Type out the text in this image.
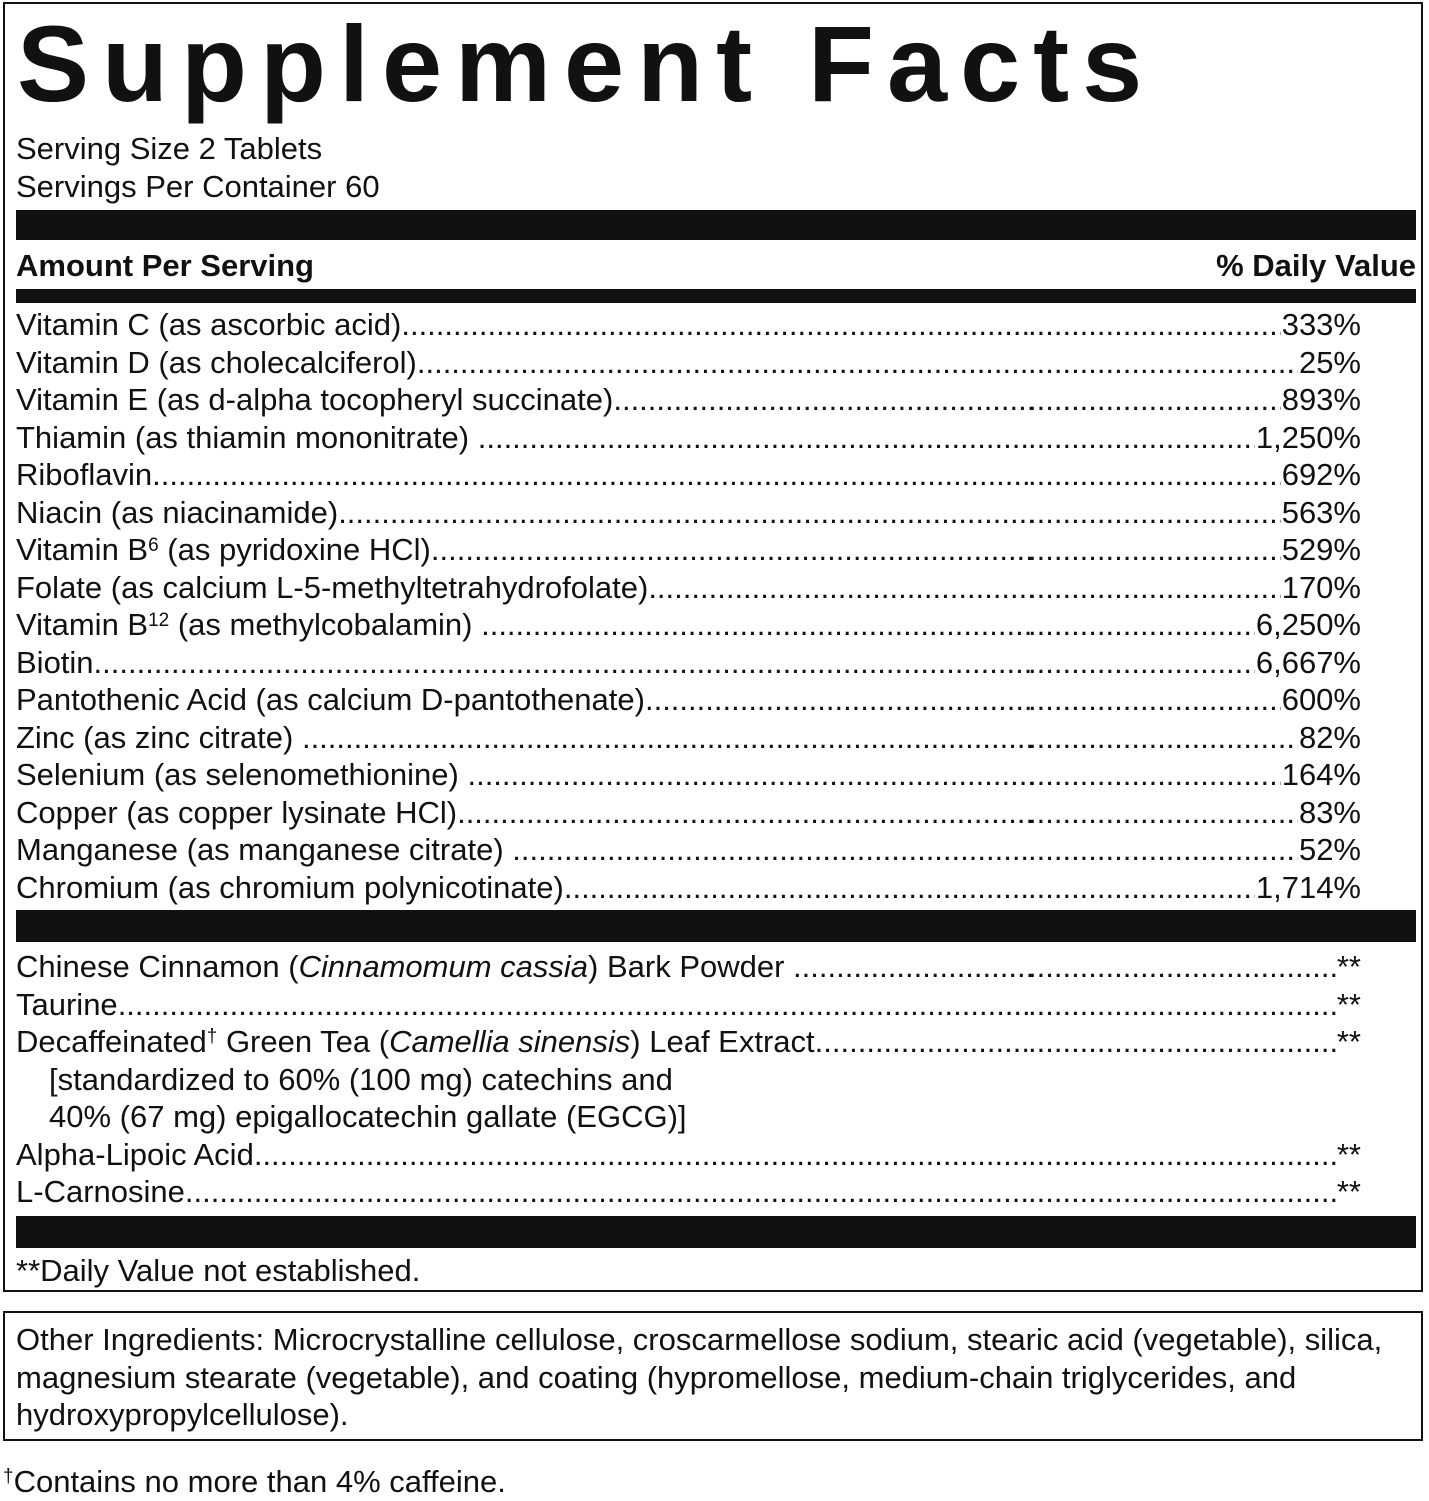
Supplement Facts
Serving Size 2 Tablets
Servings Per Container 60
Amount Per Serving	% Daily Value
Vitamin C (as ascorbic acid) .....	..... 333%
Vitamin D (as cholecalciferol) .....	..... 25%
Vitamin E (as d-alpha tocopheryl succinate) .....	..... 893%
Thiamin (as thiamin mononitrate) .....	..... 1,250%
Riboflavin .....	..... 692%
Niacin (as niacinamide) .....	..... 563%
Vitamin $B^6$ (as pyridoxine HCl) .....	..... 529%
Folate (as calcium L-5-methyltetrahydrofolate) .....	..... 170%
Vitamin $B^{12}$ (as methylcobalamin) .....	..... 6,250%
Biotin .....	..... 6,667%
Pantothenic Acid (as calcium D-pantothenate) .....	..... 600%
Zinc (as zinc citrate) .....	..... 82%
Selenium (as selenomethionine) .....	..... 164%
Copper (as copper lysinate HCl) .....	..... 83%
Manganese (as manganese citrate) .....	..... 52%
Chromium (as chromium polynicotinate) .....	..... 1,714%
Chinese Cinnamon (Cinnamomum cassia) Bark Powder .....	..... **
Taurine .....	..... **
Decaffeinated† Green Tea (Camellia sinensis) Leaf Extract .....	..... **
[standardized to 60% (100 mg) catechins and
40% (67 mg) epigallocatechin gallate (EGCG)]
Alpha-Lipoic Acid .....	..... **
L-Carnosine .....	..... **
**Daily Value not established.
Other Ingredients: Microcrystalline cellulose, croscarmellose sodium, stearic acid (vegetable), silica, magnesium stearate (vegetable), and coating (hypromellose, medium-chain triglycerides, and hydroxypropylcellulose).
†Contains no more than 4% caffeine.
